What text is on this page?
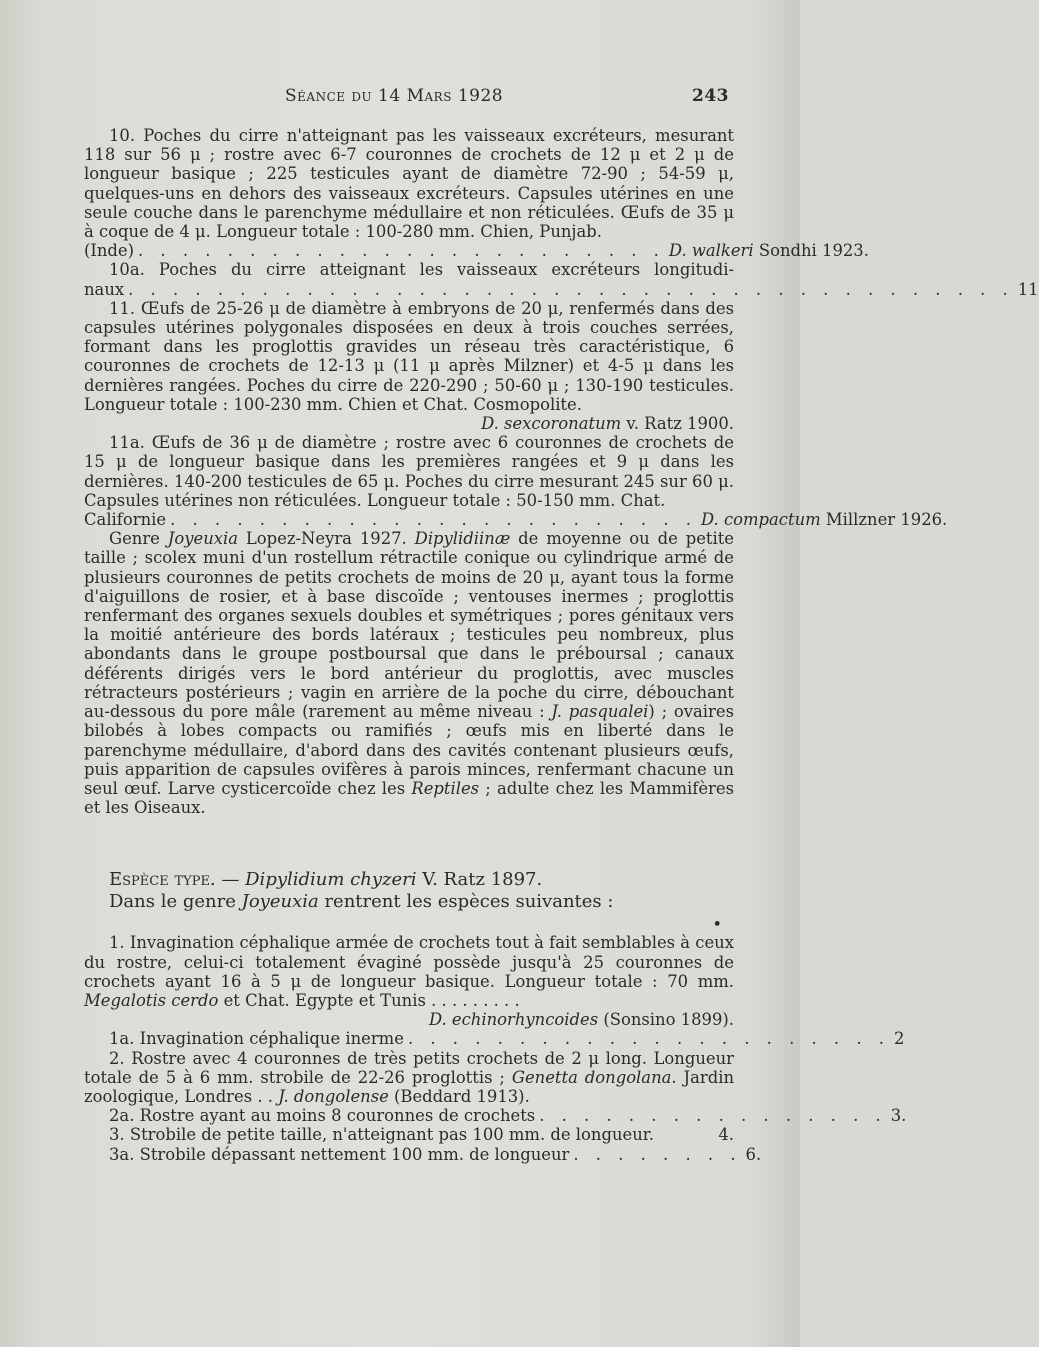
Séance du 14 Mars 1928	243

10. Poches du cirre n'atteignant pas les vaisseaux excréteurs, mesurant 118 sur 56 μ ; rostre avec 6-7 couronnes de crochets de 12 μ et 2 μ de longueur basique ; 225 testicules ayant de diamètre 72-90 ; 54-59 μ, quelques-uns en dehors des vaisseaux excréteurs. Capsules utérines en une seule couche dans le parenchyme médullaire et non réticulées. Œufs de 35 μ à coque de 4 μ. Longueur totale : 100-280 mm. Chien, Punjab.

(Inde) . . . . . . . . . . . . . . . . . . . . . . . . D. walkeri Sondhi 1923.

10a. Poches du cirre atteignant les vaisseaux excréteurs longitudi-

naux . . . . . . . . . . . . . . . . . . . . . . . . . . . . . . . . . . . . . . . . 11

11. Œufs de 25-26 μ de diamètre à embryons de 20 μ, renfermés dans des capsules utérines polygonales disposées en deux à trois couches serrées, formant dans les proglottis gravides un réseau très caractéristique, 6 couronnes de crochets de 12-13 μ (11 μ après Milzner) et 4-5 μ dans les dernières rangées. Poches du cirre de 220-290 ; 50-60 μ ; 130-190 testicules. Longueur totale : 100-230 mm. Chien et Chat. Cosmopolite.

D. sexcoronatum v. Ratz 1900.

11a. Œufs de 36 μ de diamètre ; rostre avec 6 couronnes de crochets de 15 μ de longueur basique dans les premières rangées et 9 μ dans les dernières. 140-200 testicules de 65 μ. Poches du cirre mesurant 245 sur 60 μ. Capsules utérines non réticulées. Longueur totale : 50-150 mm. Chat.

Californie . . . . . . . . . . . . . . . . . . . . . . . . D. compactum Millzner 1926.

Genre Joyeuxia Lopez-Neyra 1927. Dipylidiinæ de moyenne ou de petite taille ; scolex muni d'un rostellum rétractile conique ou cylindrique armé de plusieurs couronnes de petits crochets de moins de 20 μ, ayant tous la forme d'aiguillons de rosier, et à base discoïde ; ventouses inermes ; proglottis renfermant des organes sexuels doubles et symétriques ; pores génitaux vers la moitié antérieure des bords latéraux ; testicules peu nombreux, plus abondants dans le groupe postboursal que dans le préboursal ; canaux déférents dirigés vers le bord antérieur du proglottis, avec muscles rétracteurs postérieurs ; vagin en arrière de la poche du cirre, débouchant au-dessous du pore mâle (rarement au même niveau : J. pasqualei) ; ovaires bilobés à lobes compacts ou ramifiés ; œufs mis en liberté dans le parenchyme médullaire, d'abord dans des cavités contenant plusieurs œufs, puis apparition de capsules ovifères à parois minces, renfermant chacune un seul œuf. Larve cysticercoïde chez les Reptiles ; adulte chez les Mammifères et les Oiseaux.

Espèce type. — Dipylidium chyzeri V. Ratz 1897.

Dans le genre Joyeuxia rentrent les espèces suivantes :

•

1. Invagination céphalique armée de crochets tout à fait semblables à ceux du rostre, celui-ci totalement évaginé possède jusqu'à 25 couronnes de crochets ayant 16 à 5 μ de longueur basique. Longueur totale : 70 mm. Megalotis cerdo et Chat. Egypte et Tunis . . . . . . . . .

D. echinorhyncoides (Sonsino 1899).

1a. Invagination céphalique inerme . . . . . . . . . . . . . . . . . . . . . . 2

2. Rostre avec 4 couronnes de très petits crochets de 2 μ long. Longueur totale de 5 à 6 mm. strobile de 22-26 proglottis ; Genetta dongolana. Jardin zoologique, Londres . . J. dongolense (Beddard 1913).

2a. Rostre ayant au moins 8 couronnes de crochets . . . . . . . . . . . . . . . . 3.

3. Strobile de petite taille, n'atteignant pas 100 mm. de longueur.	4.

3a. Strobile dépassant nettement 100 mm. de longueur . . . . . . . . 6.
